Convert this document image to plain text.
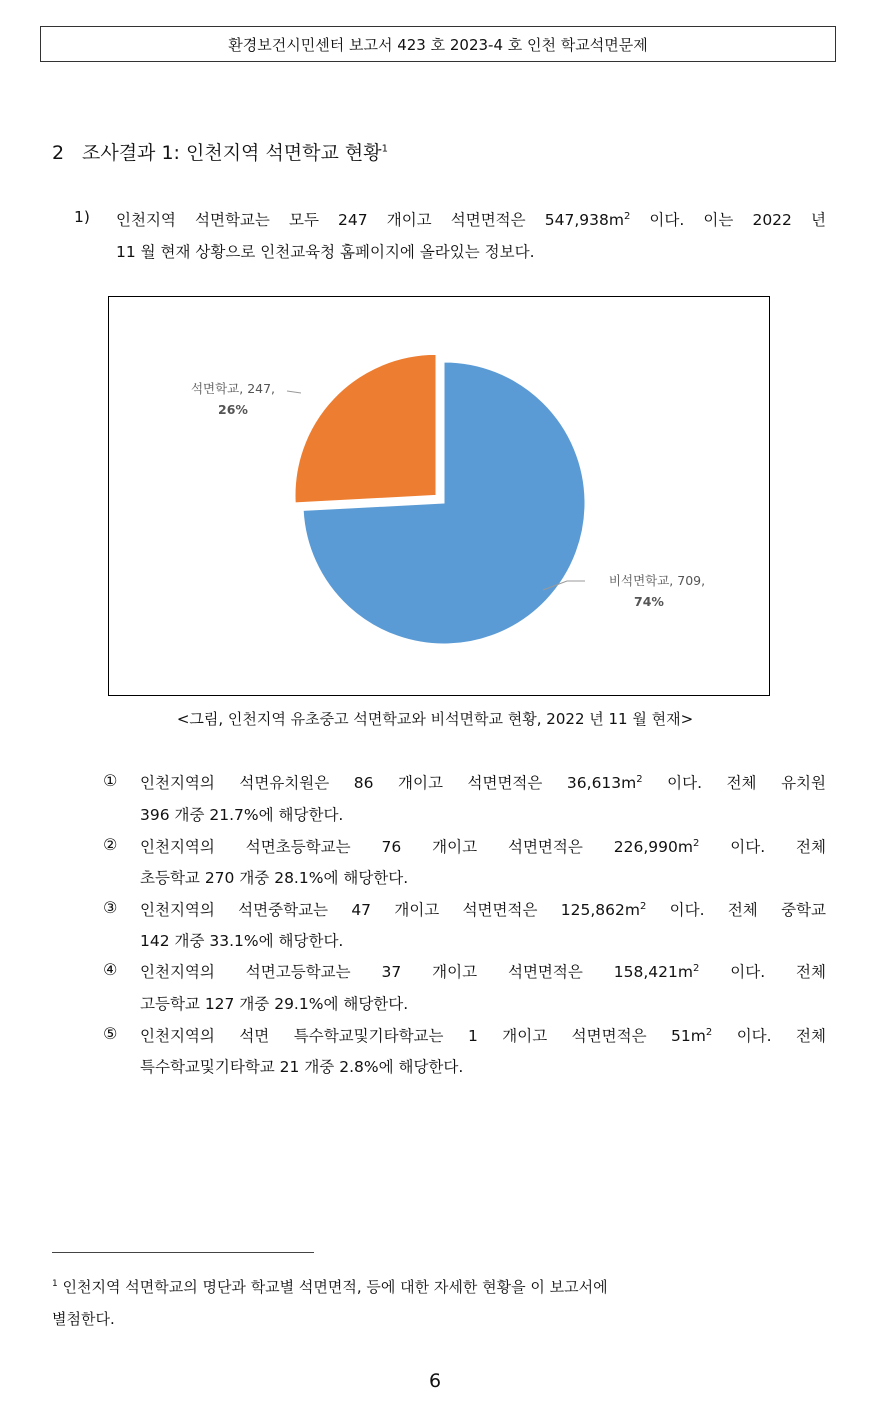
환경보건시민센터 보고서 423 호 2023-4 호 인천 학교석면문제
2 조사결과 1: 인천지역 석면학교 현황$^1$
1) 인천지역 석면학교는 모두 247 개이고 석면면적은 $547,938m^2$ 이다. 이는 2022 년
11 월 현재 상황으로 인천교육청 홈페이지에 올라있는 정보다.
석면학교, 247,
26%
비석면학교, 709,
74%
<그림, 인천지역 유초중고 석면학교와 비석면학교 현황, 2022 년 11 월 현재>
① 인천지역의 석면유치원은 86 개이고 석면면적은 $36,613m^2$ 이다. 전체 유치원
396 개중 21.7%에 해당한다.
② 인천지역의 석면초등학교는 76 개이고 석면면적은 $226,990m^2$ 이다. 전체
초등학교 270 개중 28.1%에 해당한다.
③ 인천지역의 석면중학교는 47 개이고 석면면적은 $125,862m^2$ 이다. 전체 중학교
142 개중 33.1%에 해당한다.
④ 인천지역의 석면고등학교는 37 개이고 석면면적은 $158,421m^2$ 이다. 전체
고등학교 127 개중 29.1%에 해당한다.
⑤ 인천지역의 석면 특수학교및기타학교는 1 개이고 석면면적은 $51m^2$ 이다. 전체
특수학교및기타학교 21 개중 2.8%에 해당한다.
$^1$ 인천지역 석면학교의 명단과 학교별 석면면적, 등에 대한 자세한 현황을 이 보고서에
별첨한다.
6
